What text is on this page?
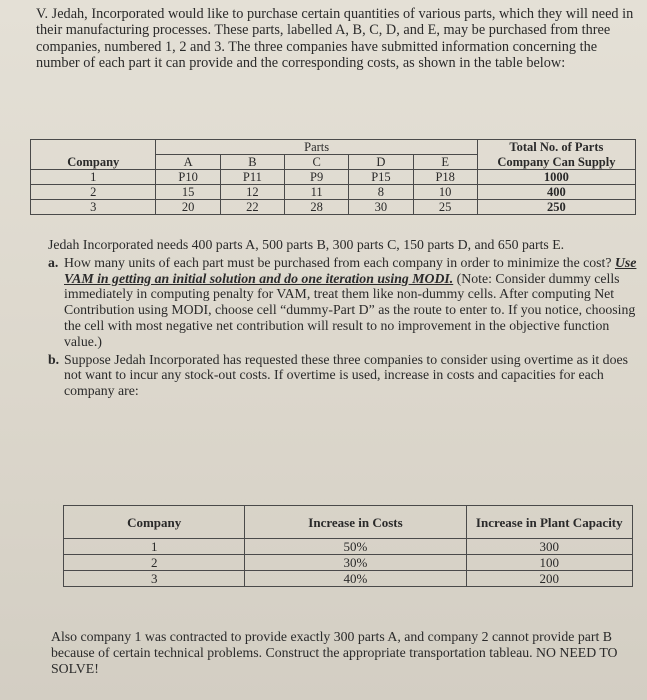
V. Jedah, Incorporated would like to purchase certain quantities of various parts, which they will need in their manufacturing processes. These parts, labelled A, B, C, D, and E, may be purchased from three companies, numbered 1, 2 and 3. The three companies have submitted information concerning the number of each part it can provide and the corresponding costs, as shown in the table below:

	Parts					Total No. of Parts
Company	A	B	C	D	E	Company Can Supply
1	P10	P11	P9	P15	P18	1000
2	15	12	11	8	10	400
3	20	22	28	30	25	250

Jedah Incorporated needs 400 parts A, 500 parts B, 300 parts C, 150 parts D, and 650 parts E.

a. How many units of each part must be purchased from each company in order to minimize the cost? Use VAM in getting an initial solution and do one iteration using MODI. (Note: Consider dummy cells immediately in computing penalty for VAM, treat them like non-dummy cells. After computing Net Contribution using MODI, choose cell “dummy-Part D” as the route to enter to. If you notice, choosing the cell with most negative net contribution will result to no improvement in the objective function value.)
b. Suppose Jedah Incorporated has requested these three companies to consider using overtime as it does not want to incur any stock-out costs. If overtime is used, increase in costs and capacities for each company are:
Company	Increase in Costs	Increase in Plant Capacity
1	50%	300
2	30%	100
3	40%	200

Also company 1 was contracted to provide exactly 300 parts A, and company 2 cannot provide part B because of certain technical problems. Construct the appropriate transportation tableau. NO NEED TO SOLVE!
